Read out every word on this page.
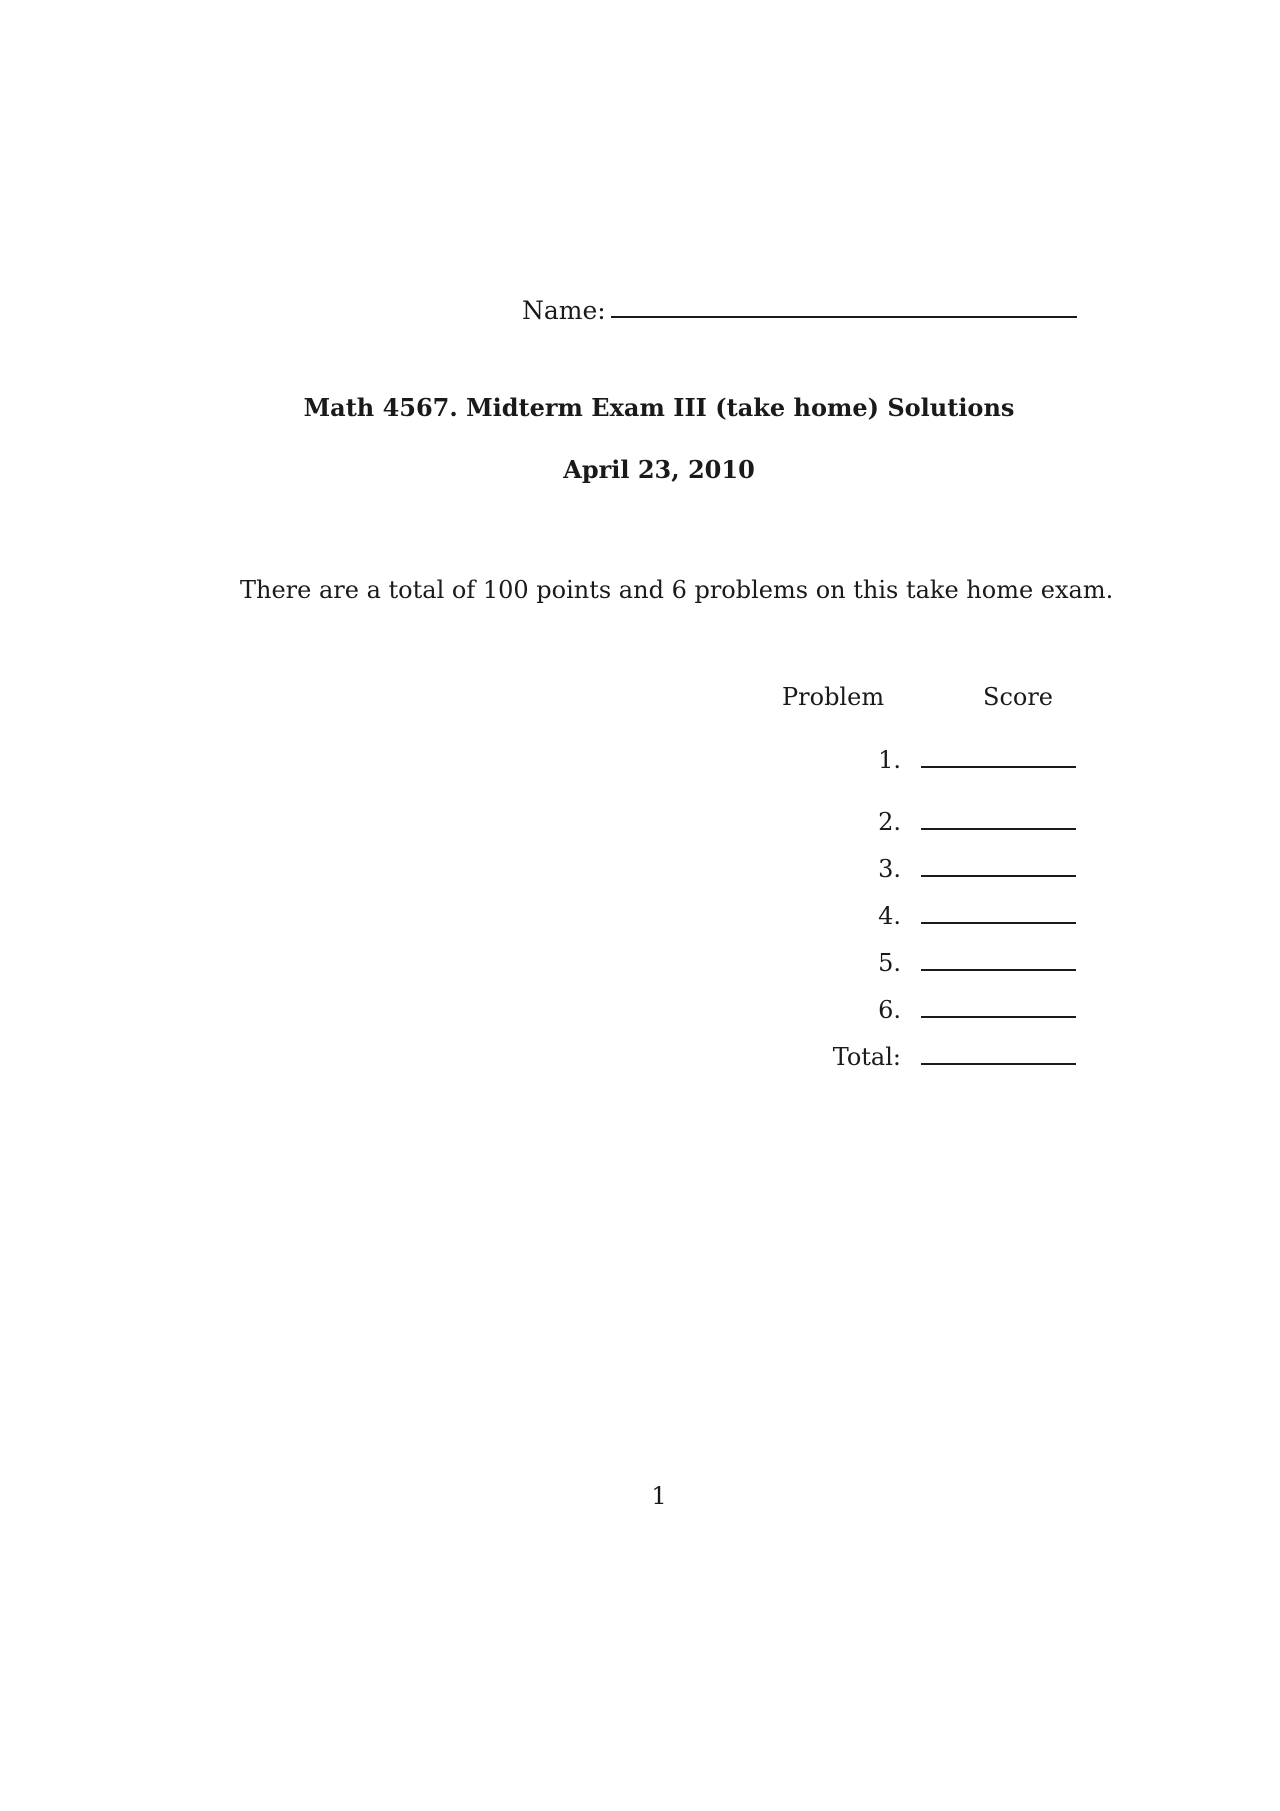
Name:
Math 4567. Midterm Exam III (take home) Solutions
April 23, 2010
There are a total of 100 points and 6 problems on this take home exam.
Problem	Score
1.
2.
3.
4.
5.
6.
Total:
1
